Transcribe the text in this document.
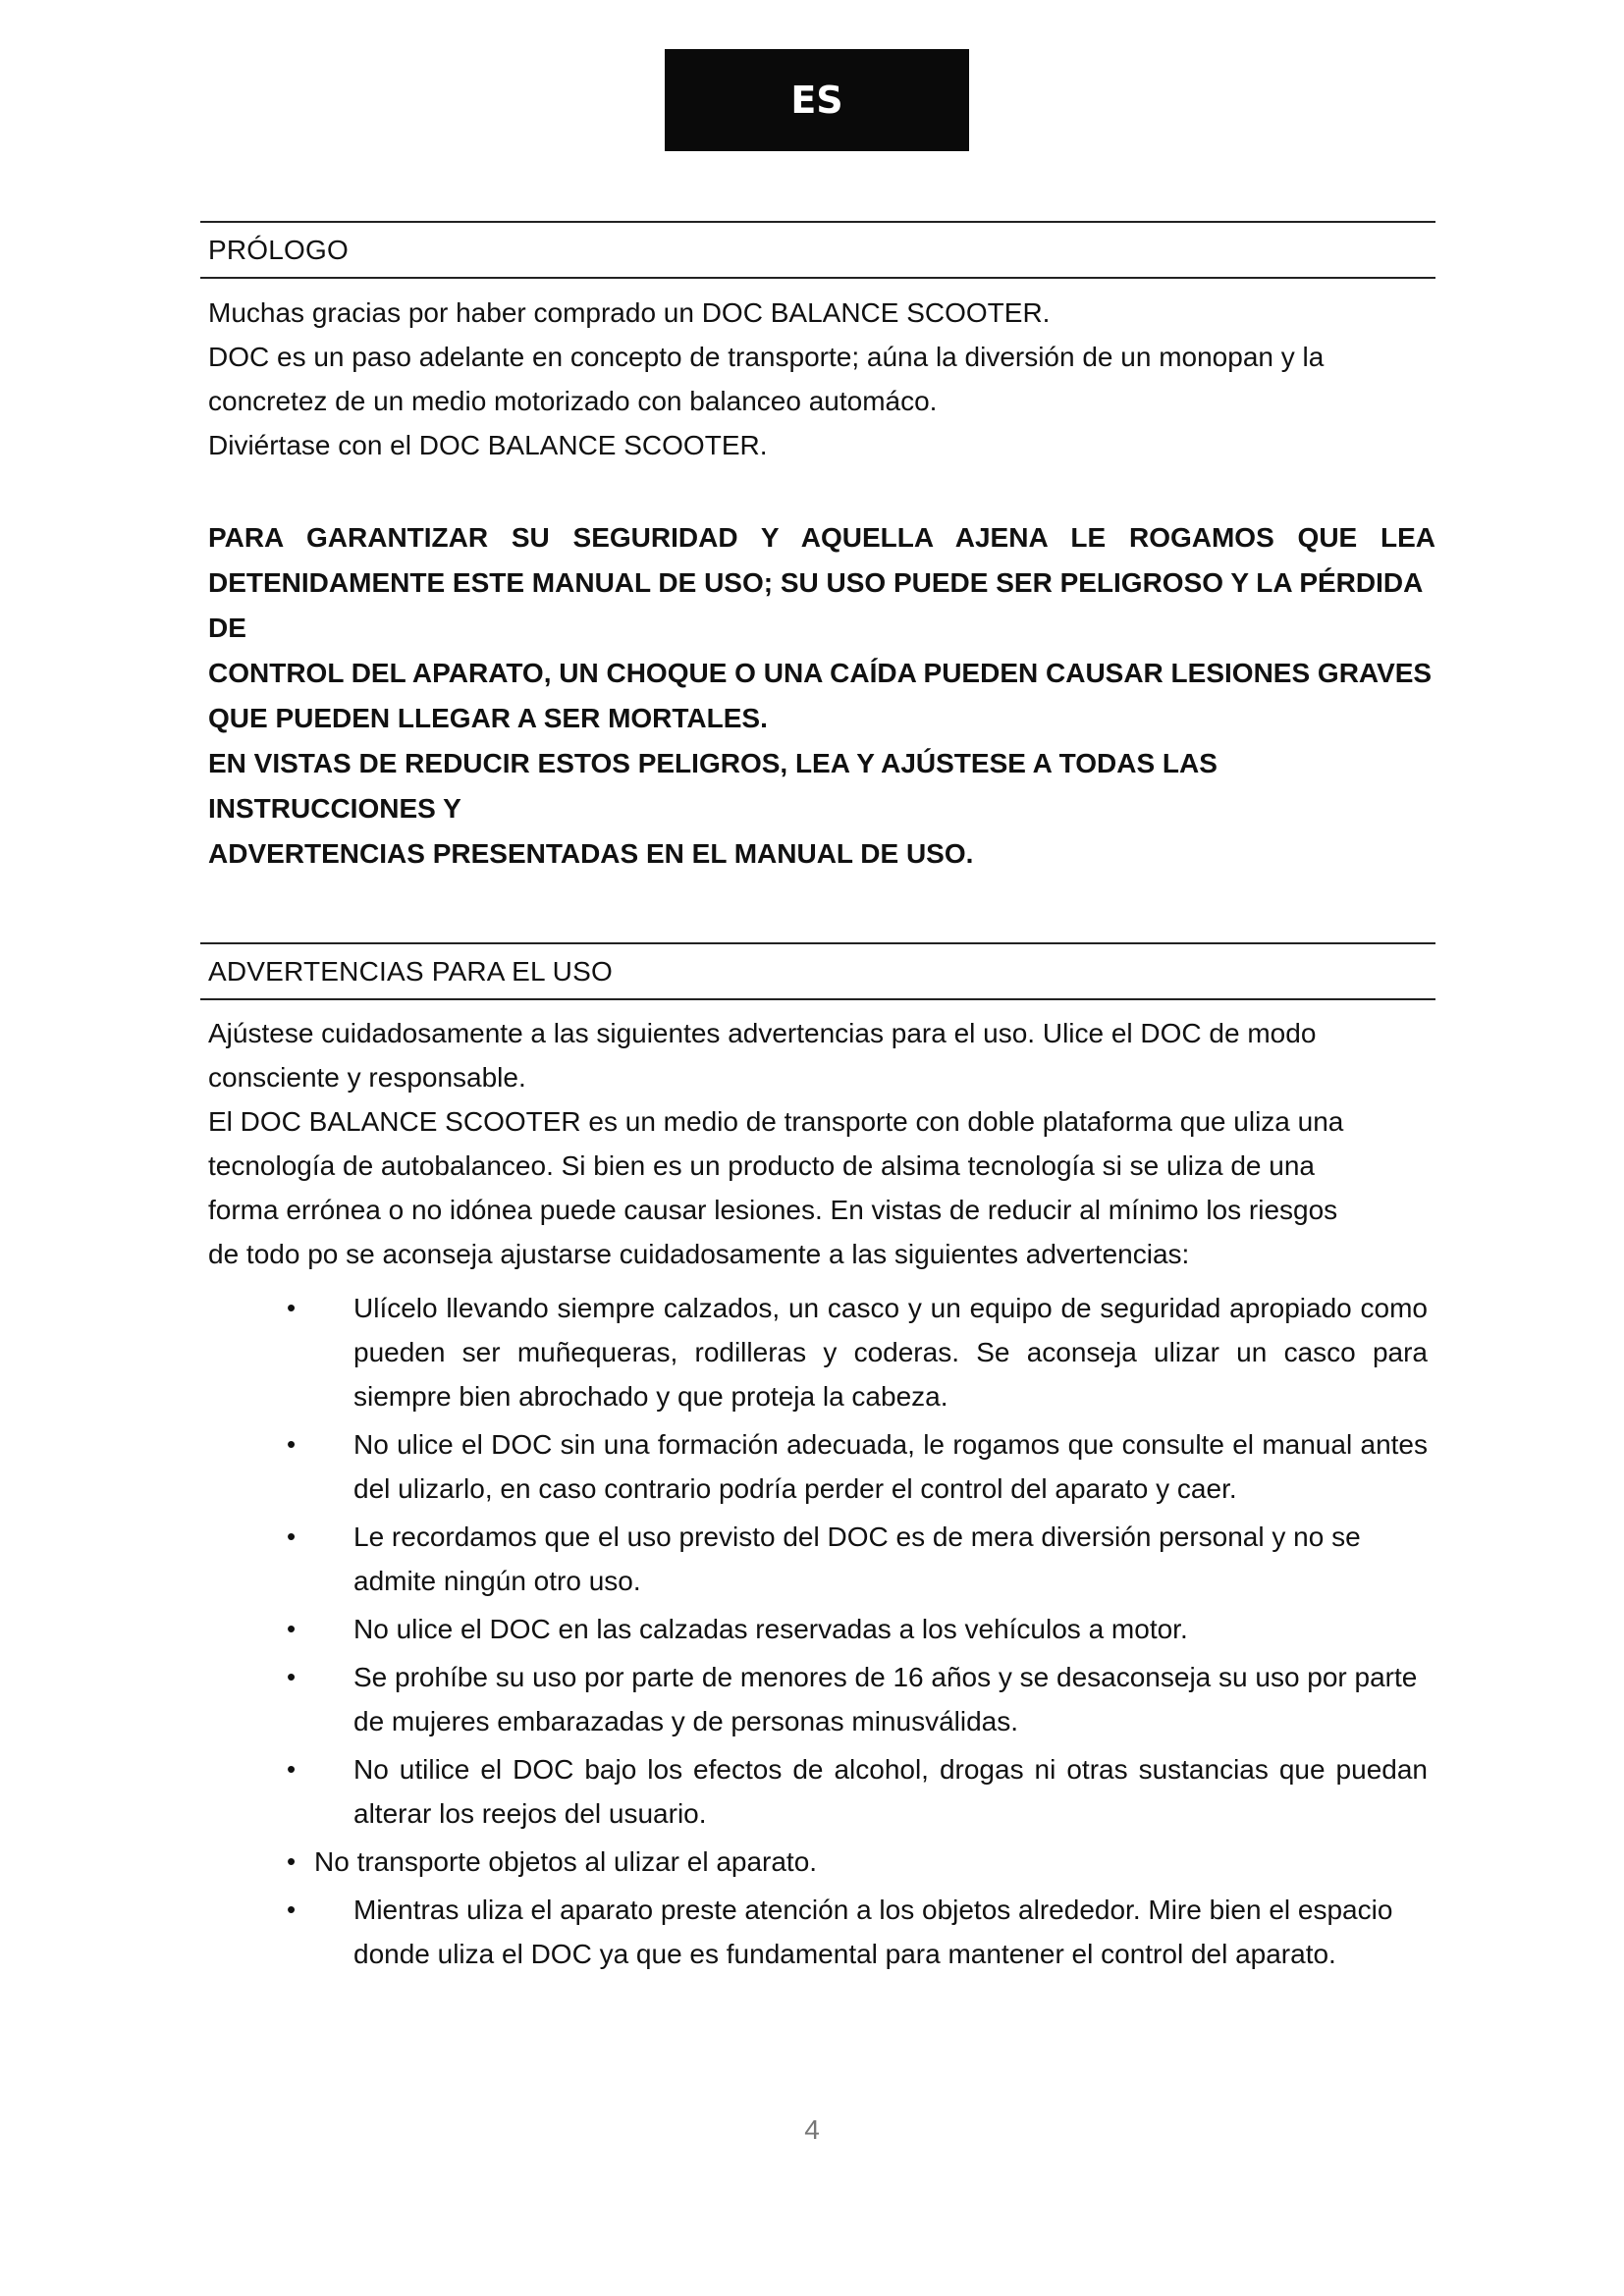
ES
PRÓLOGO
Muchas gracias por haber comprado un DOC BALANCE SCOOTER.
DOC es un paso adelante en concepto de transporte; aúna la diversión de un monopan y la
concretez de un medio motorizado con balanceo automáco.
Diviértase con el DOC BALANCE SCOOTER.

PARA GARANTIZAR SU SEGURIDAD Y AQUELLA AJENA LE ROGAMOS QUE LEA

DETENIDAMENTE ESTE MANUAL DE USO; SU USO PUEDE SER PELIGROSO Y LA PÉRDIDA DE

CONTROL DEL APARATO, UN CHOQUE O UNA CAÍDA PUEDEN CAUSAR LESIONES GRAVES

QUE PUEDEN LLEGAR A SER MORTALES.

EN VISTAS DE REDUCIR ESTOS PELIGROS, LEA Y AJÚSTESE A TODAS LAS INSTRUCCIONES Y

ADVERTENCIAS PRESENTADAS EN EL MANUAL DE USO.

ADVERTENCIAS PARA EL USO
Ajústese cuidadosamente a las siguientes advertencias para el uso. Ulice el DOC de modo
consciente y responsable.
El DOC BALANCE SCOOTER es un medio de transporte con doble plataforma que uliza una
tecnología de autobalanceo. Si bien es un producto de alsima tecnología si se uliza de una
forma errónea o no idónea puede causar lesiones. En vistas de reducir al mínimo los riesgos
de todo po se aconseja ajustarse cuidadosamente a las siguientes advertencias:
• Ulícelo llevando siempre calzados, un casco y un equipo de seguridad apropiado como pueden ser muñequeras, rodilleras y coderas. Se aconseja ulizar un casco para siempre bien abrochado y que proteja la cabeza.
• No ulice el DOC sin una formación adecuada, le rogamos que consulte el manual antes del ulizarlo, en caso contrario podría perder el control del aparato y caer.
• Le recordamos que el uso previsto del DOC es de mera diversión personal y no se admite ningún otro uso.
• No ulice el DOC en las calzadas reservadas a los vehículos a motor.
• Se prohíbe su uso por parte de menores de 16 años y se desaconseja su uso por parte de mujeres embarazadas y de personas minusválidas.
• No utilice el DOC bajo los efectos de alcohol, drogas ni otras sustancias que puedan alterar los reejos del usuario.
• No transporte objetos al ulizar el aparato.
• Mientras uliza el aparato preste atención a los objetos alrededor. Mire bien el espacio donde uliza el DOC ya que es fundamental para mantener el control del aparato.
4
